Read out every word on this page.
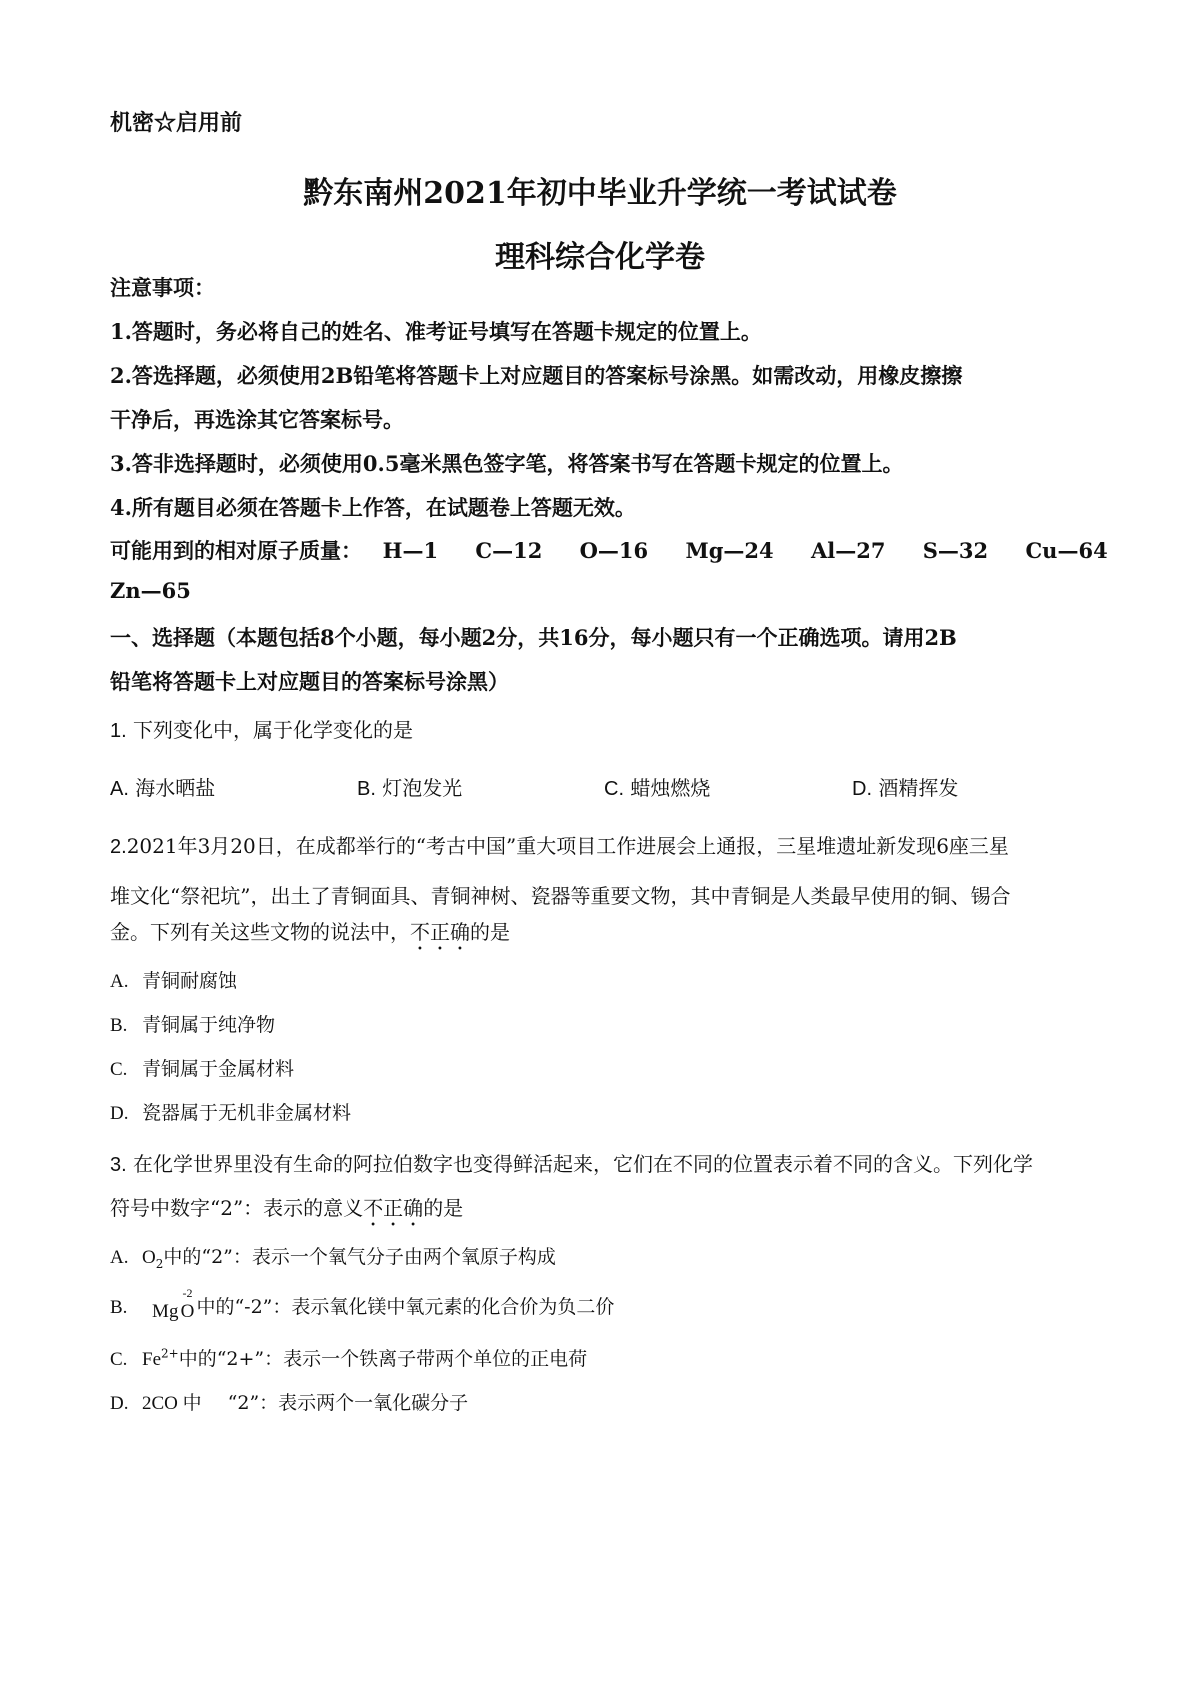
机密☆启用前
黔东南州2021年初中毕业升学统一考试试卷
理科综合化学卷
注意事项：
1.答题时，务必将自己的姓名、准考证号填写在答题卡规定的位置上。
2.答选择题，必须使用2B铅笔将答题卡上对应题目的答案标号涂黑。如需改动，用橡皮擦擦
干净后，再选涂其它答案标号。
3.答非选择题时，必须使用0.5毫米黑色签字笔，将答案书写在答题卡规定的位置上。
4.所有题目必须在答题卡上作答，在试题卷上答题无效。
可能用到的相对原子质量： H—1 C—12 O—16 Mg—24 Al—27 S—32 Cu—64
Zn—65
一、选择题（本题包括8个小题，每小题2分，共16分，每小题只有一个正确选项。请用2B
铅笔将答题卡上对应题目的答案标号涂黑）
1. 下列变化中，属于化学变化的是
A. 海水晒盐	B. 灯泡发光	C. 蜡烛燃烧	D. 酒精挥发
2.2021年3月20日，在成都举行的“考古中国”重大项目工作进展会上通报，三星堆遗址新发现6座三星
堆文化“祭祀坑”，出土了青铜面具、青铜神树、瓷器等重要文物，其中青铜是人类最早使用的铜、锡合
金。下列有关这些文物的说法中，不正确的是
A. 青铜耐腐蚀
B. 青铜属于纯净物
C. 青铜属于金属材料
D. 瓷器属于无机非金属材料
3. 在化学世界里没有生命的阿拉伯数字也变得鲜活起来，它们在不同的位置表示着不同的含义。下列化学
符号中数字“2”：表示的意义不正确的是
A. $O_2$中的“2”：表示一个氧气分子由两个氧原子构成
B. Mg
-2
O 中的“-2”：表示氧化镁中氧元素的化合价为负二价
C. $Fe^{2+}$中的“2+”：表示一个铁离子带两个单位的正电荷
D. 2CO 中 “2”：表示两个一氧化碳分子
